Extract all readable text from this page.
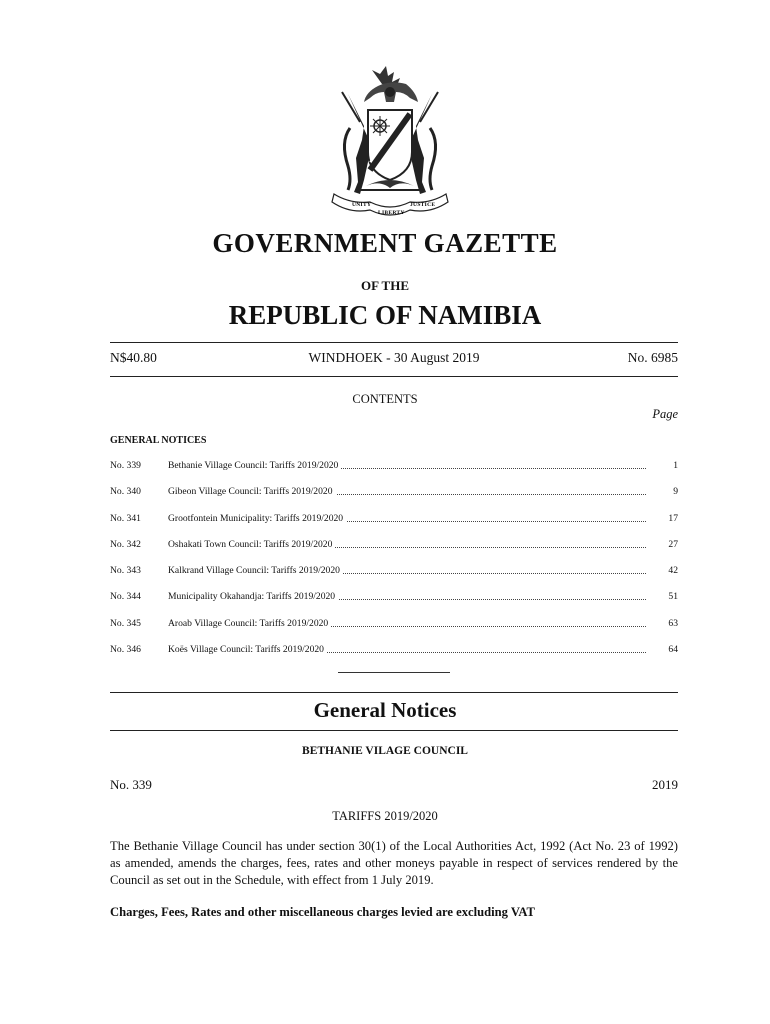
UNITY
LIBERTY
JUSTICE
GOVERNMENT GAZETTE
OF THE
REPUBLIC OF NAMIBIA
N$40.80	WINDHOEK - 30 August 2019	No. 6985
CONTENTS
Page
GENERAL NOTICES
No. 339	Bethanie Village Council: Tariffs 2019/2020	1
No. 340	Gibeon Village Council: Tariffs 2019/2020	9
No. 341	Grootfontein Municipality: Tariffs 2019/2020	17
No. 342	Oshakati Town Council: Tariffs 2019/2020	27
No. 343	Kalkrand Village Council: Tariffs 2019/2020	42
No. 344	Municipality Okahandja: Tariffs 2019/2020	51
No. 345	Aroab Village Council: Tariffs 2019/2020	63
No. 346	Koës Village Council: Tariffs 2019/2020	64
General Notices
BETHANIE VILAGE COUNCIL
No. 339	2019
TARIFFS 2019/2020

The Bethanie Village Council has under section 30(1) of the Local Authorities Act, 1992 (Act No. 23 of 1992) as amended, amends the charges, fees, rates and other moneys payable in respect of services rendered by the Council as set out in the Schedule, with effect from 1 July 2019.

Charges, Fees, Rates and other miscellaneous charges levied are excluding VAT
